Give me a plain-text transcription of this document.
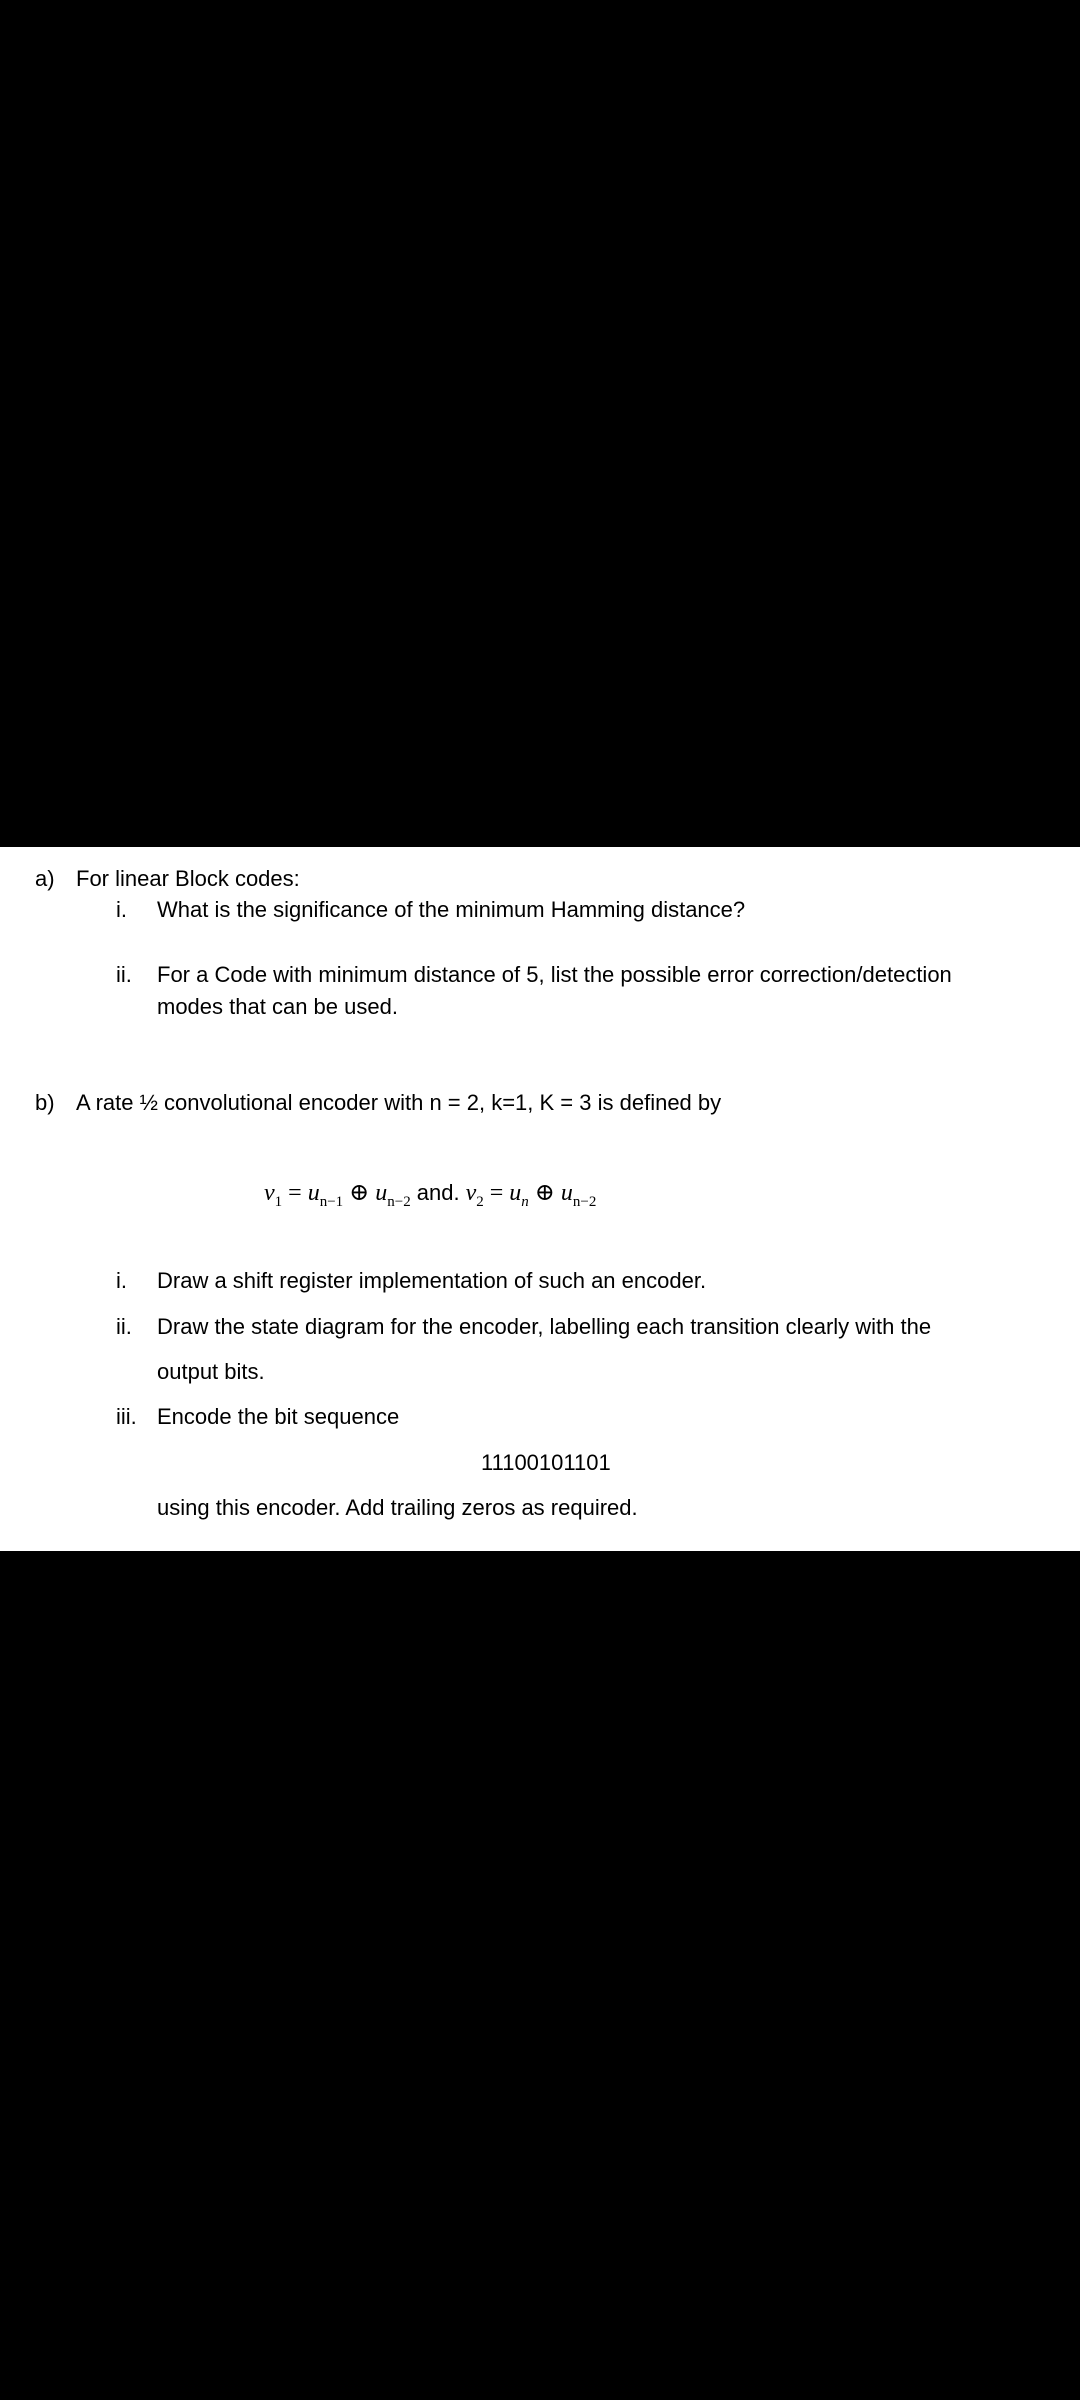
a) For linear Block codes:
i. What is the significance of the minimum Hamming distance?
ii. For a Code with minimum distance of 5, list the possible error correction/detection
modes that can be used.
b) A rate ½ convolutional encoder with n = 2, k=1, K = 3 is defined by
$v_1 = u_{n-1}$ ⊕ $u_{n-2}$ and. $v_2 = u_n$ ⊕ $u_{n-2}$
i. Draw a shift register implementation of such an encoder.
ii. Draw the state diagram for the encoder, labelling each transition clearly with the
output bits.
iii. Encode the bit sequence
11100101101
using this encoder. Add trailing zeros as required.
